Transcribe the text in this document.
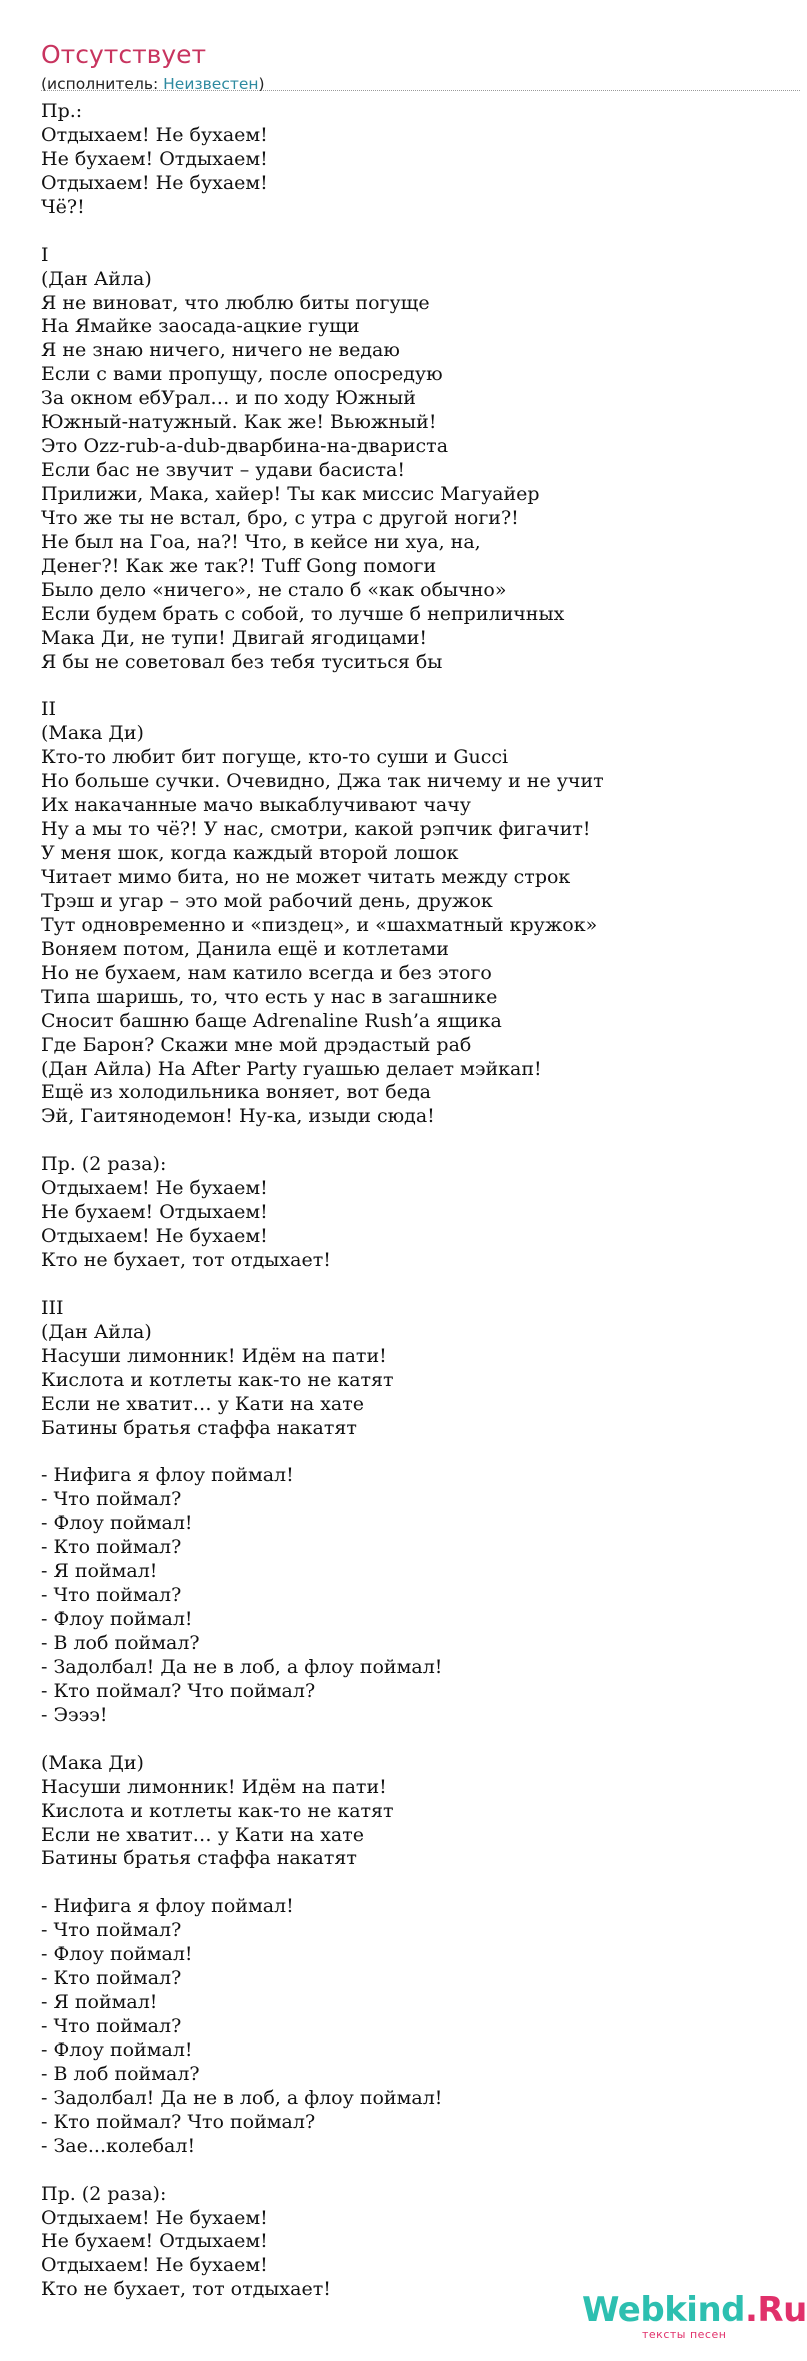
Отсутствует
(исполнитель: Неизвестен)
Пр.:
Отдыхаем! Не бухаем!
Не бухаем! Отдыхаем!
Отдыхаем! Не бухаем!
Чё?!
I
(Дан Айла)
Я не виноват, что люблю биты погуще
На Ямайке заосада-ацкие гущи
Я не знаю ничего, ничего не ведаю
Если с вами пропущу, после опосредую
За окном ебУрал… и по ходу Южный
Южный-натужный. Как же! Вьюжный!
Это Ozz-rub-a-dub-дварбина-на-двариста
Если бас не звучит – удави басиста!
Прилижи, Мака, хайер! Ты как миссис Магуайер
Что же ты не встал, бро, с утра с другой ноги?!
Не был на Гоа, на?! Что, в кейсе ни хуа, на,
Денег?! Как же так?! Tuff Gong помоги
Было дело «ничего», не стало б «как обычно»
Если будем брать с собой, то лучше б неприличных
Мака Ди, не тупи! Двигай ягодицами!
Я бы не советовал без тебя туситься бы
II
(Мака Ди)
Кто-то любит бит погуще, кто-то суши и Gucci
Но больше сучки. Очевидно, Джа так ничему и не учит
Их накачанные мачо выкаблучивают чачу
Ну а мы то чё?! У нас, смотри, какой рэпчик фигачит!
У меня шок, когда каждый второй лошок
Читает мимо бита, но не может читать между строк
Трэш и угар – это мой рабочий день, дружок
Тут одновременно и «пиздец», и «шахматный кружок»
Воняем потом, Данила ещё и котлетами
Но не бухаем, нам катило всегда и без этого
Типа шаришь, то, что есть у нас в загашнике
Сносит башню баще Adrenaline Rush’а ящика
Где Барон? Скажи мне мой дрэдастый раб
(Дан Айла) На After Party гуашью делает мэйкап!
Ещё из холодильника воняет, вот беда
Эй, Гаитянодемон! Ну-ка, изыди сюда!
Пр. (2 раза):
Отдыхаем! Не бухаем!
Не бухаем! Отдыхаем!
Отдыхаем! Не бухаем!
Кто не бухает, тот отдыхает!
III
(Дан Айла)
Насуши лимонник! Идём на пати!
Кислота и котлеты как-то не катят
Если не хватит… у Кати на хате
Батины братья стаффа накатят
- Нифига я флоу поймал!
- Что поймал?
- Флоу поймал!
- Кто поймал?
- Я поймал!
- Что поймал?
- Флоу поймал!
- В лоб поймал?
- Задолбал! Да не в лоб, а флоу поймал!
- Кто поймал? Что поймал?
- Ээээ!
(Мака Ди)
Насуши лимонник! Идём на пати!
Кислота и котлеты как-то не катят
Если не хватит… у Кати на хате
Батины братья стаффа накатят
- Нифига я флоу поймал!
- Что поймал?
- Флоу поймал!
- Кто поймал?
- Я поймал!
- Что поймал?
- Флоу поймал!
- В лоб поймал?
- Задолбал! Да не в лоб, а флоу поймал!
- Кто поймал? Что поймал?
- Зае...колебал!
Пр. (2 раза):
Отдыхаем! Не бухаем!
Не бухаем! Отдыхаем!
Отдыхаем! Не бухаем!
Кто не бухает, тот отдыхает!
Webkind.Ru
тексты песен
